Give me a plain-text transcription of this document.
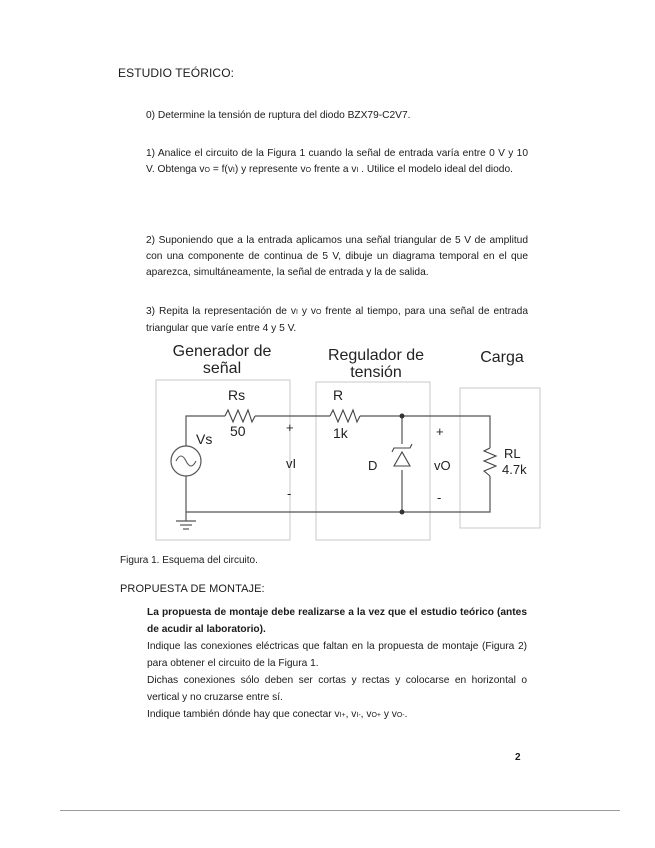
ESTUDIO TEÓRICO:

0) Determine la tensión de ruptura del diodo BZX79-C2V7.

1) Analice el circuito de la Figura 1 cuando la señal de entrada varía entre 0 V y 10 V. Obtenga vO = f(vI) y represente vO frente a vI . Utilice el modelo ideal del diodo.

2) Suponiendo que a la entrada aplicamos una señal triangular de 5 V de amplitud con una componente de continua de 5 V, dibuje un diagrama temporal en el que aparezca, simultáneamente, la señal de entrada y la de salida.

3) Repita la representación de vI y vO frente al tiempo, para una señal de entrada triangular que varíe entre 4 y 5 V.

Generador de
señal
Regulador de
tensión
Carga
Rs
50
Vs
R
1k
+
vI
-
D
+
vO
-
RL
4.7k
Figura 1. Esquema del circuito.
PROPUESTA DE MONTAJE:

La propuesta de montaje debe realizarse a la vez que el estudio teórico (antes de acudir al laboratorio).

Indique las conexiones eléctricas que faltan en la propuesta de montaje (Figura 2) para obtener el circuito de la Figura 1.

Dichas conexiones sólo deben ser cortas y rectas y colocarse en horizontal o vertical y no cruzarse entre sí.

Indique también dónde hay que conectar vI+, vI-, vO+ y vO-.

2
